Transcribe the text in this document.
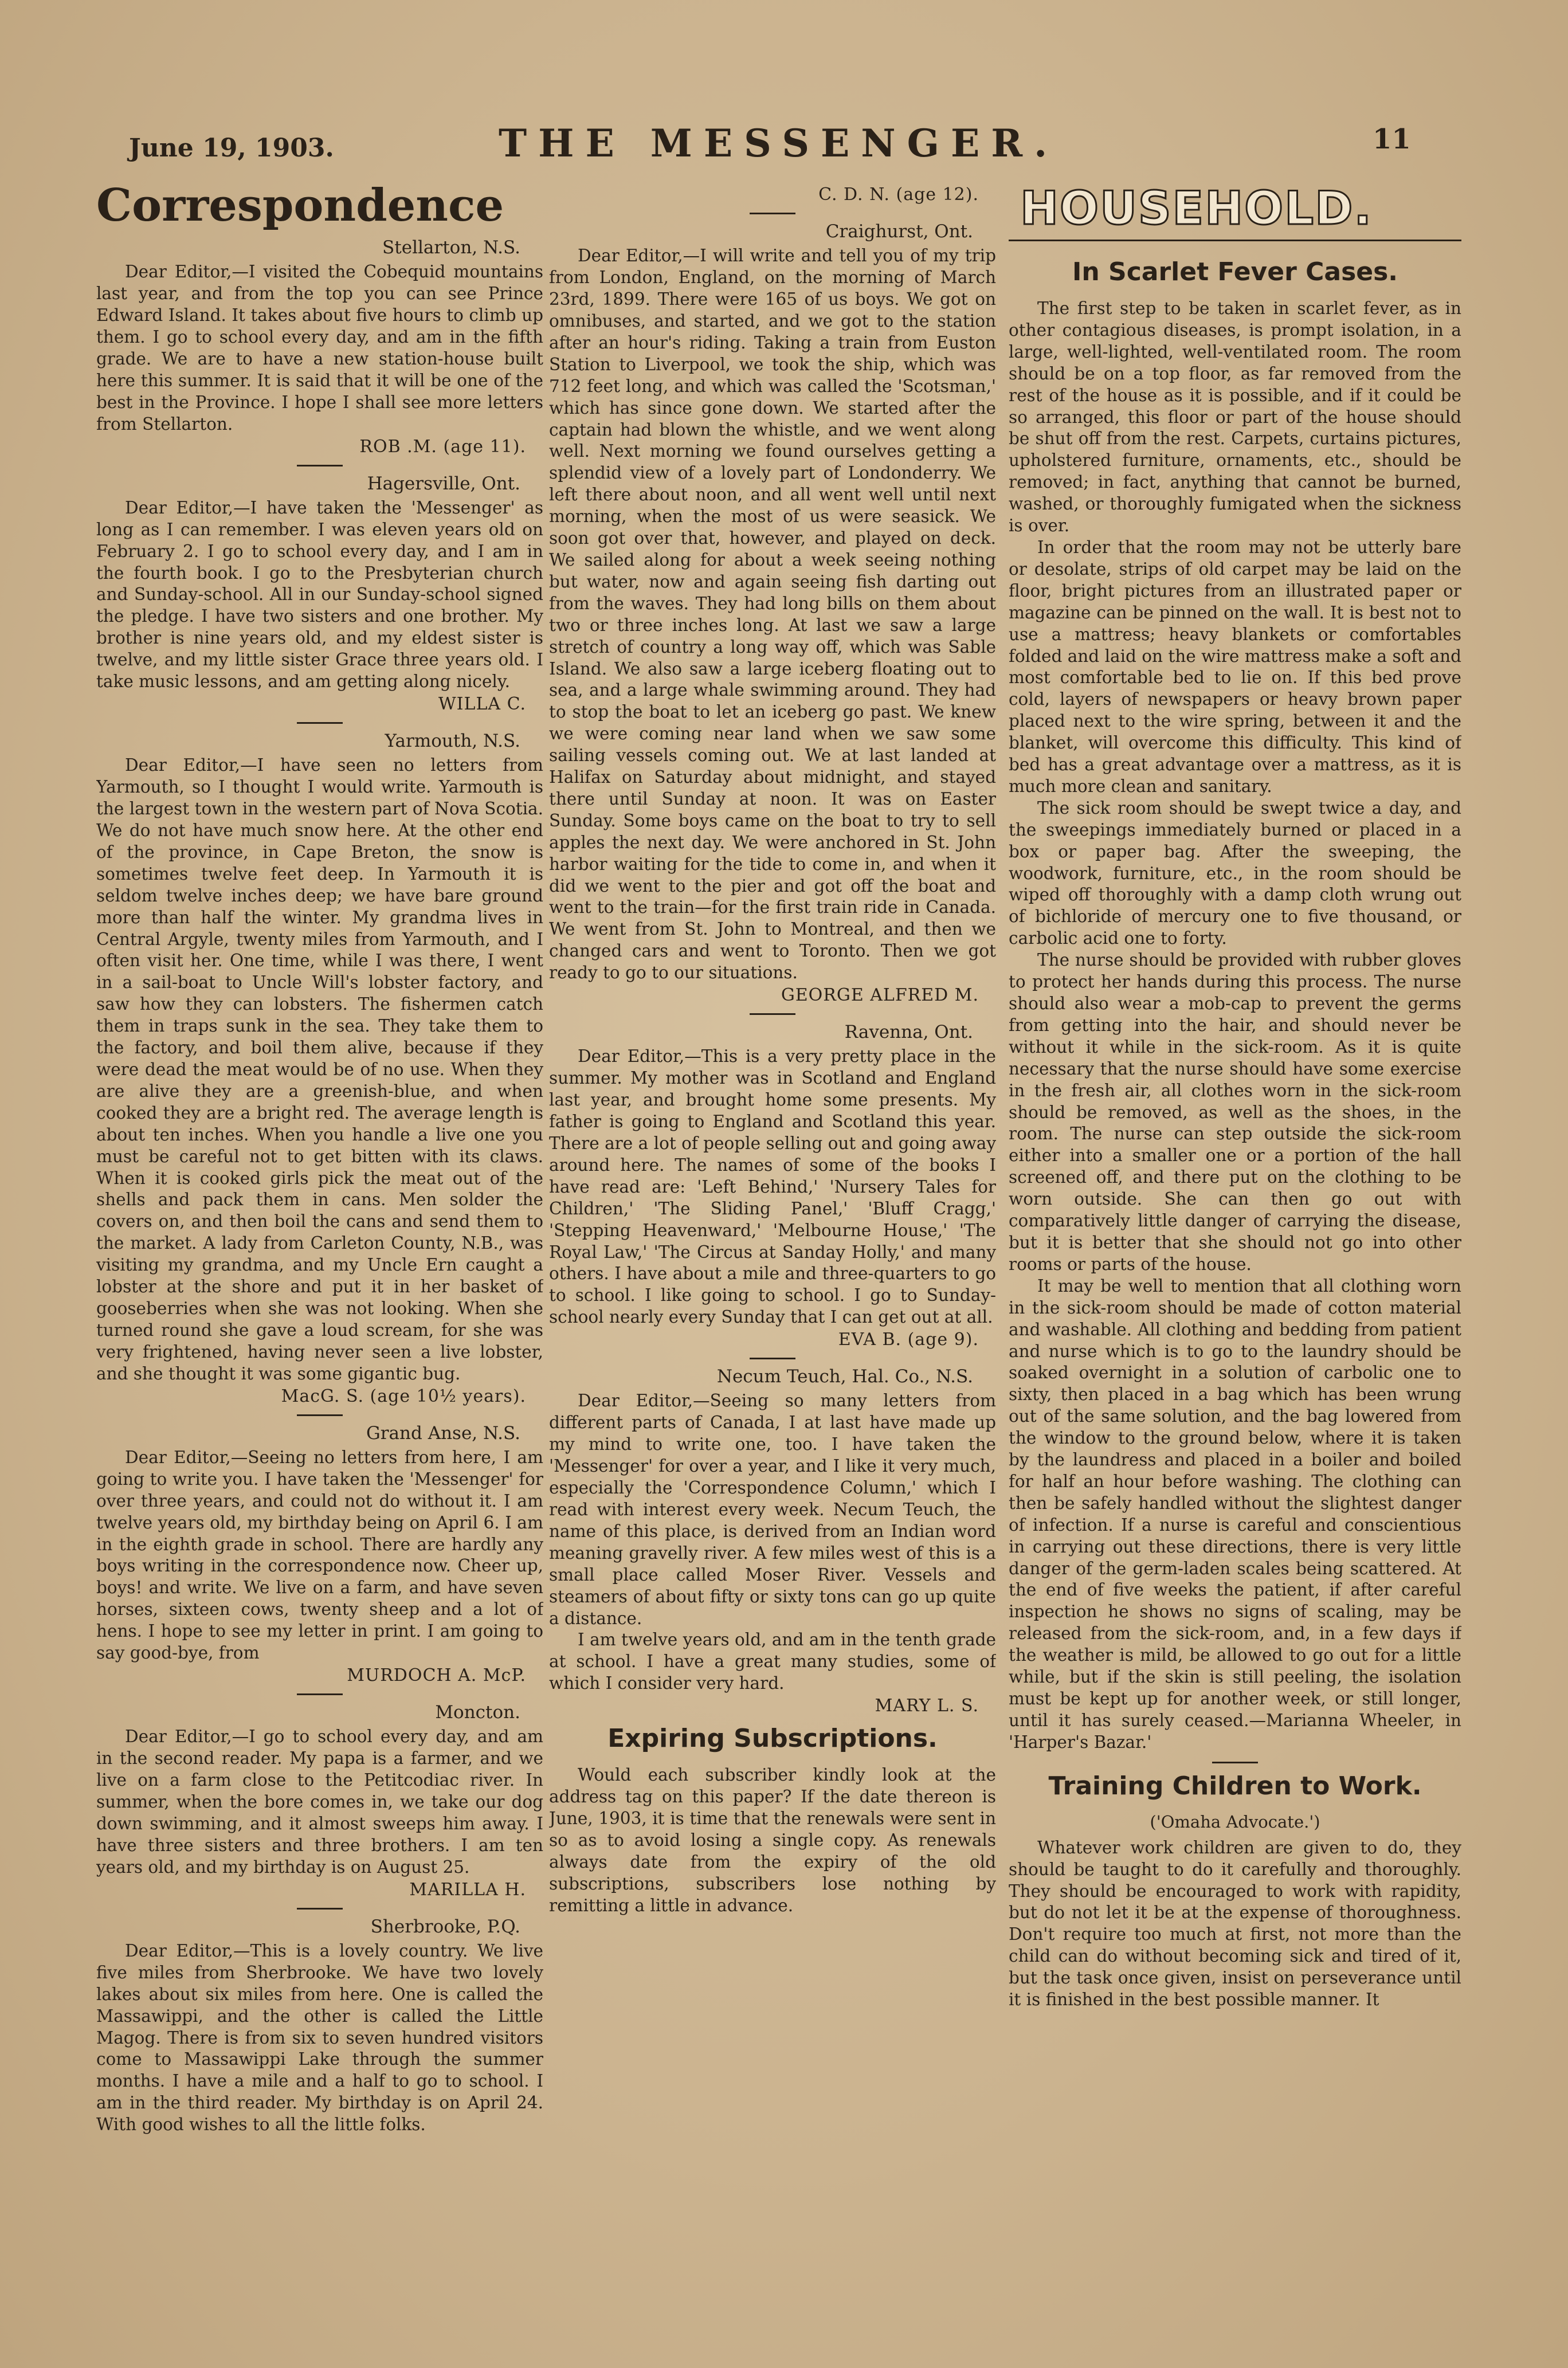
June 19, 1903.	THE MESSENGER.	11
Correspondence
Stellarton, N.S.

Dear Editor,—I visited the Cobequid mountains last year, and from the top you can see Prince Edward Island. It takes about five hours to climb up them. I go to school every day, and am in the fifth grade. We are to have a new station-house built here this summer. It is said that it will be one of the best in the Province. I hope I shall see more letters from Stellarton.

ROB .M. (age 11).
Hagersville, Ont.

Dear Editor,—I have taken the 'Messenger' as long as I can remember. I was eleven years old on February 2. I go to school every day, and I am in the fourth book. I go to the Presbyterian church and Sunday-school. All in our Sunday-school signed the pledge. I have two sisters and one brother. My brother is nine years old, and my eldest sister is twelve, and my little sister Grace three years old. I take music lessons, and am getting along nicely.

WILLA C.
Yarmouth, N.S.

Dear Editor,—I have seen no letters from Yarmouth, so I thought I would write. Yarmouth is the largest town in the western part of Nova Scotia. We do not have much snow here. At the other end of the province, in Cape Breton, the snow is sometimes twelve feet deep. In Yarmouth it is seldom twelve inches deep; we have bare ground more than half the winter. My grandma lives in Central Argyle, twenty miles from Yarmouth, and I often visit her. One time, while I was there, I went in a sail-boat to Uncle Will's lobster factory, and saw how they can lobsters. The fishermen catch them in traps sunk in the sea. They take them to the factory, and boil them alive, because if they were dead the meat would be of no use. When they are alive they are a greenish-blue, and when cooked they are a bright red. The average length is about ten inches. When you handle a live one you must be careful not to get bitten with its claws. When it is cooked girls pick the meat out of the shells and pack them in cans. Men solder the covers on, and then boil the cans and send them to the market. A lady from Carleton County, N.B., was visiting my grandma, and my Uncle Ern caught a lobster at the shore and put it in her basket of gooseberries when she was not looking. When she turned round she gave a loud scream, for she was very frightened, having never seen a live lobster, and she thought it was some gigantic bug.

MacG. S. (age 10½ years).
Grand Anse, N.S.

Dear Editor,—Seeing no letters from here, I am going to write you. I have taken the 'Messenger' for over three years, and could not do without it. I am twelve years old, my birthday being on April 6. I am in the eighth grade in school. There are hardly any boys writing in the correspondence now. Cheer up, boys! and write. We live on a farm, and have seven horses, sixteen cows, twenty sheep and a lot of hens. I hope to see my letter in print. I am going to say good-bye, from

MURDOCH A. McP.
Moncton.

Dear Editor,—I go to school every day, and am in the second reader. My papa is a farmer, and we live on a farm close to the Petitcodiac river. In summer, when the bore comes in, we take our dog down swimming, and it almost sweeps him away. I have three sisters and three brothers. I am ten years old, and my birthday is on August 25.

MARILLA H.
Sherbrooke, P.Q.

Dear Editor,—This is a lovely country. We live five miles from Sherbrooke. We have two lovely lakes about six miles from here. One is called the Massawippi, and the other is called the Little Magog. There is from six to seven hundred visitors come to Massawippi Lake through the summer months. I have a mile and a half to go to school. I am in the third reader. My birthday is on April 24. With good wishes to all the little folks.

C. D. N. (age 12).
Craighurst, Ont.

Dear Editor,—I will write and tell you of my trip from London, England, on the morning of March 23rd, 1899. There were 165 of us boys. We got on omnibuses, and started, and we got to the station after an hour's riding. Taking a train from Euston Station to Liverpool, we took the ship, which was 712 feet long, and which was called the 'Scotsman,' which has since gone down. We started after the captain had blown the whistle, and we went along well. Next morning we found ourselves getting a splendid view of a lovely part of Londonderry. We left there about noon, and all went well until next morning, when the most of us were seasick. We soon got over that, however, and played on deck. We sailed along for about a week seeing nothing but water, now and again seeing fish darting out from the waves. They had long bills on them about two or three inches long. At last we saw a large stretch of country a long way off, which was Sable Island. We also saw a large iceberg floating out to sea, and a large whale swimming around. They had to stop the boat to let an iceberg go past. We knew we were coming near land when we saw some sailing vessels coming out. We at last landed at Halifax on Saturday about midnight, and stayed there until Sunday at noon. It was on Easter Sunday. Some boys came on the boat to try to sell apples the next day. We were anchored in St. John harbor waiting for the tide to come in, and when it did we went to the pier and got off the boat and went to the train—for the first train ride in Canada. We went from St. John to Montreal, and then we changed cars and went to Toronto. Then we got ready to go to our situations.

GEORGE ALFRED M.
Ravenna, Ont.

Dear Editor,—This is a very pretty place in the summer. My mother was in Scotland and England last year, and brought home some presents. My father is going to England and Scotland this year. There are a lot of people selling out and going away around here. The names of some of the books I have read are: 'Left Behind,' 'Nursery Tales for Children,' 'The Sliding Panel,' 'Bluff Cragg,' 'Stepping Heavenward,' 'Melbourne House,' 'The Royal Law,' 'The Circus at Sanday Holly,' and many others. I have about a mile and three-quarters to go to school. I like going to school. I go to Sunday-school nearly every Sunday that I can get out at all.

EVA B. (age 9).
Necum Teuch, Hal. Co., N.S.

Dear Editor,—Seeing so many letters from different parts of Canada, I at last have made up my mind to write one, too. I have taken the 'Messenger' for over a year, and I like it very much, especially the 'Correspondence Column,' which I read with interest every week. Necum Teuch, the name of this place, is derived from an Indian word meaning gravelly river. A few miles west of this is a small place called Moser River. Vessels and steamers of about fifty or sixty tons can go up quite a distance.

I am twelve years old, and am in the tenth grade at school. I have a great many studies, some of which I consider very hard.

MARY L. S.
Expiring Subscriptions.

Would each subscriber kindly look at the address tag on this paper? If the date thereon is June, 1903, it is time that the renewals were sent in so as to avoid losing a single copy. As renewals always date from the expiry of the old subscriptions, subscribers lose nothing by remitting a little in advance.

HOUSEHOLD.
In Scarlet Fever Cases.

The first step to be taken in scarlet fever, as in other contagious diseases, is prompt isolation, in a large, well-lighted, well-ventilated room. The room should be on a top floor, as far removed from the rest of the house as it is possible, and if it could be so arranged, this floor or part of the house should be shut off from the rest. Carpets, curtains pictures, upholstered furniture, ornaments, etc., should be removed; in fact, anything that cannot be burned, washed, or thoroughly fumigated when the sickness is over.

In order that the room may not be utterly bare or desolate, strips of old carpet may be laid on the floor, bright pictures from an illustrated paper or magazine can be pinned on the wall. It is best not to use a mattress; heavy blankets or comfortables folded and laid on the wire mattress make a soft and most comfortable bed to lie on. If this bed prove cold, layers of newspapers or heavy brown paper placed next to the wire spring, between it and the blanket, will overcome this difficulty. This kind of bed has a great advantage over a mattress, as it is much more clean and sanitary.

The sick room should be swept twice a day, and the sweepings immediately burned or placed in a box or paper bag. After the sweeping, the woodwork, furniture, etc., in the room should be wiped off thoroughly with a damp cloth wrung out of bichloride of mercury one to five thousand, or carbolic acid one to forty.

The nurse should be provided with rubber gloves to protect her hands during this process. The nurse should also wear a mob-cap to prevent the germs from getting into the hair, and should never be without it while in the sick-room. As it is quite necessary that the nurse should have some exercise in the fresh air, all clothes worn in the sick-room should be removed, as well as the shoes, in the room. The nurse can step outside the sick-room either into a smaller one or a portion of the hall screened off, and there put on the clothing to be worn outside. She can then go out with comparatively little danger of carrying the disease, but it is better that she should not go into other rooms or parts of the house.

It may be well to mention that all clothing worn in the sick-room should be made of cotton material and washable. All clothing and bedding from patient and nurse which is to go to the laundry should be soaked overnight in a solution of carbolic one to sixty, then placed in a bag which has been wrung out of the same solution, and the bag lowered from the window to the ground below, where it is taken by the laundress and placed in a boiler and boiled for half an hour before washing. The clothing can then be safely handled without the slightest danger of infection. If a nurse is careful and conscientious in carrying out these directions, there is very little danger of the germ-laden scales being scattered. At the end of five weeks the patient, if after careful inspection he shows no signs of scaling, may be released from the sick-room, and, in a few days if the weather is mild, be allowed to go out for a little while, but if the skin is still peeling, the isolation must be kept up for another week, or still longer, until it has surely ceased.—Marianna Wheeler, in 'Harper's Bazar.'

Training Children to Work.
('Omaha Advocate.')

Whatever work children are given to do, they should be taught to do it carefully and thoroughly. They should be encouraged to work with rapidity, but do not let it be at the expense of thoroughness. Don't require too much at first, not more than the child can do without becoming sick and tired of it, but the task once given, insist on perseverance until it is finished in the best possible manner. It
